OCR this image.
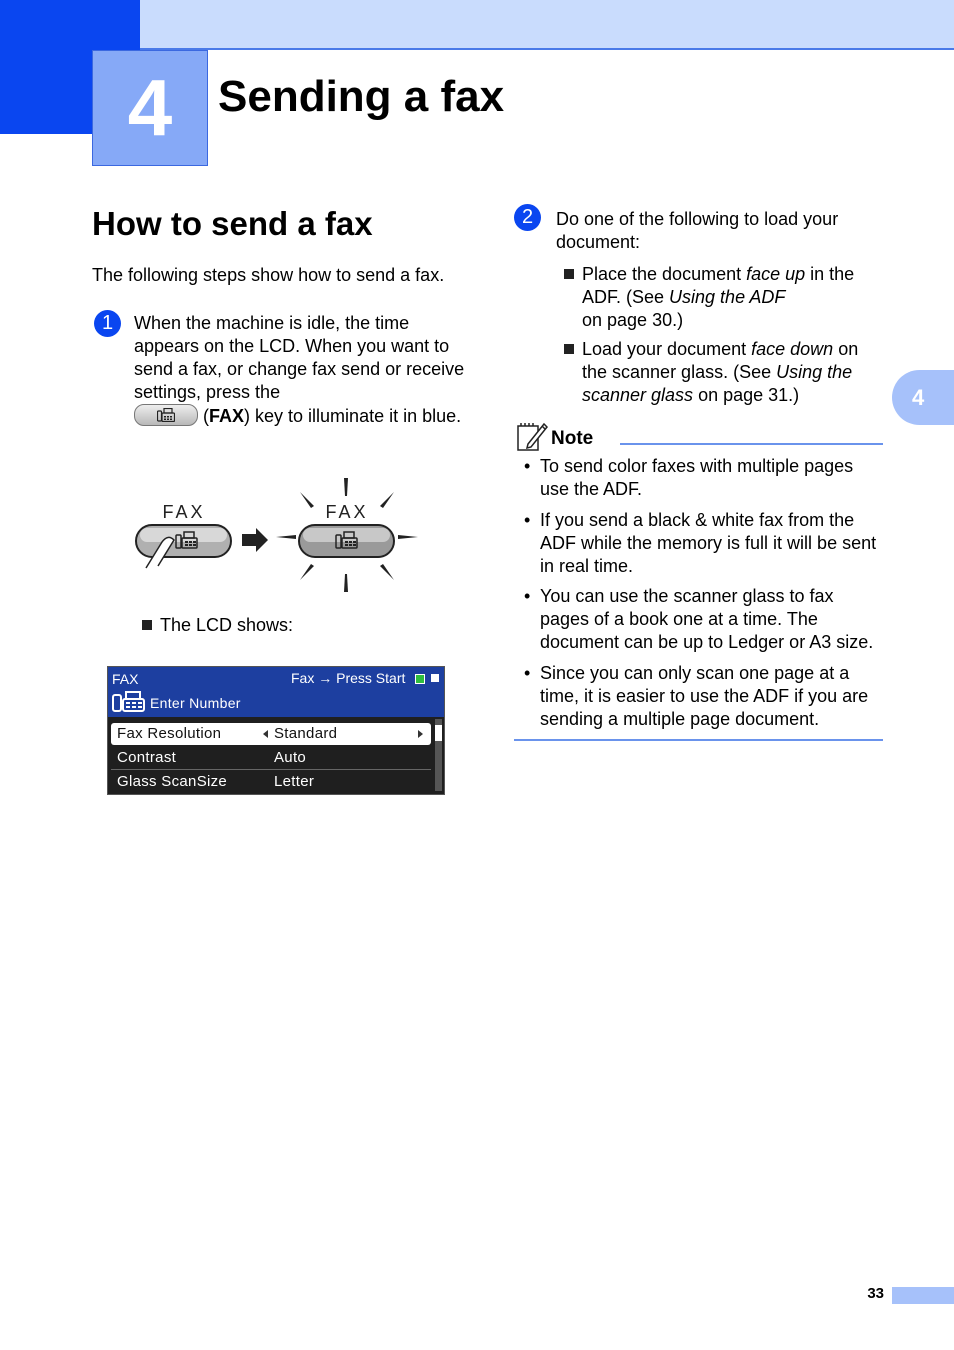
4	Sending a fax
4
How to send a fax
The following steps show how to send a fax.
1	When the machine is idle, the time appears on the LCD. When you want to send a fax, or change fax send or receive settings, press the

(FAX) key to illuminate it in blue.
FAX	FAX
The LCD shows:
FAX
Enter Number
Fax → Press Start
Fax Resolution	Standard
Contrast	Auto
Glass ScanSize	Letter
2	Do one of the following to load your document:
Place the document face up in the ADF. (See Using the ADF
on page 30.)
Load your document face down on the scanner glass. (See Using the scanner glass on page 31.)
Note
• To send color faxes with multiple pages use the ADF.
• If you send a black & white fax from the ADF while the memory is full it will be sent in real time.
• You can use the scanner glass to fax pages of a book one at a time. The document can be up to Ledger or A3 size.
• Since you can only scan one page at a time, it is easier to use the ADF if you are sending a multiple page document.
33
